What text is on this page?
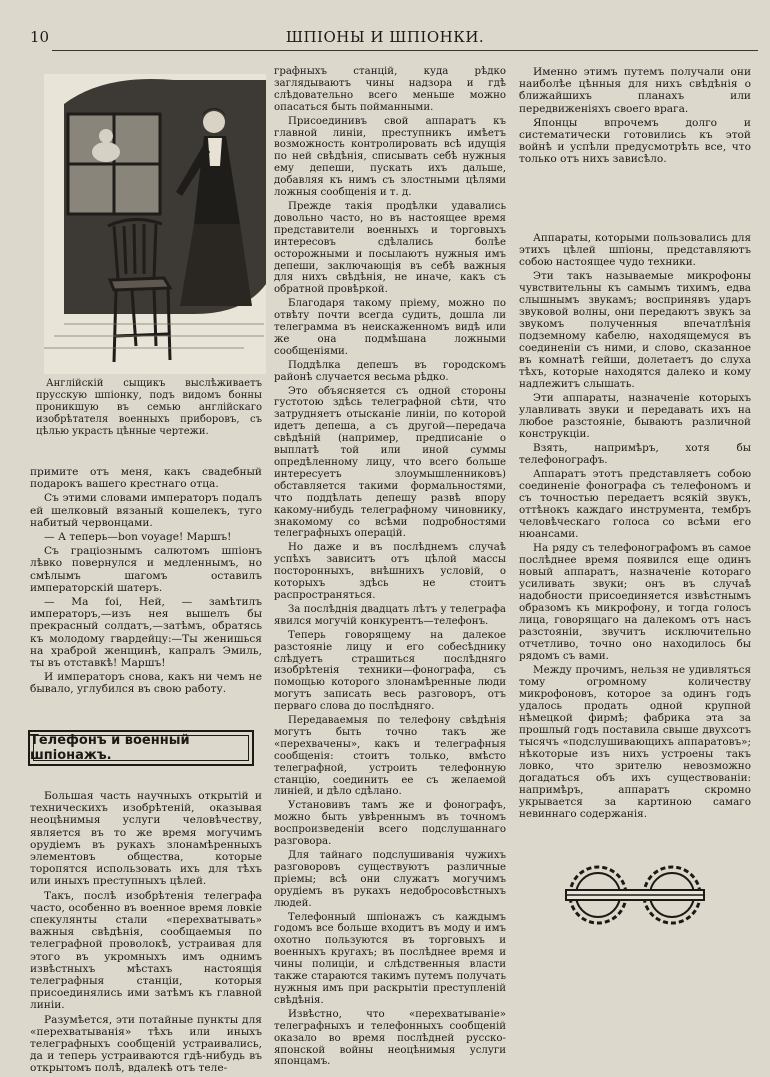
10	ШПIОНЫ И ШПIОНКИ.

Англійскій сыщикъ выслѣживаетъ прусскую шпіонку, подъ видомъ бонны проникшую въ семью англійскаго изобрѣтателя военныхъ приборовъ, съ цѣлью украсть цѣнные чертежи.

примите отъ меня, какъ свадебный подарокъ вашего крестнаго отца.

Съ этими словами императоръ подалъ ей шелковый вязаный кошелекъ, туго набитый червонцами.

— А теперь—bon voyage! Маршъ!

Съ граціознымъ салютомъ шпіонъ лѣвко повернулся и медленнымъ, но смѣлымъ шагомъ оставилъ императорскій шатеръ.

— Ma foi, Ней, — замѣтилъ императоръ,—изъ нея вышелъ бы прекрасный солдатъ,—затѣмъ, обратясь къ молодому гвардейцу:—Ты женишься на храброй женщинѣ, капралъ Эмиль, ты въ отставкѣ! Маршъ!

И императоръ снова, какъ ни чемъ не бывало, углубился въ свою работу.

Телефонъ и военный шпіонажъ.

Большая часть научныхъ открытій и техническихъ изобрѣтеній, оказывая неоцѣнимыя услуги человѣчеству, является въ то же время могучимъ орудіемъ въ рукахъ злонамѣренныхъ элементовъ общества, которые торопятся использовать ихъ для тѣхъ или иныхъ преступныхъ цѣлей.

Такъ, послѣ изобрѣтенія телеграфа часто, особенно въ военное время ловкіе спекулянты стали «перехватывать» важныя свѣдѣнія, сообщаемыя по телеграфной проволокѣ, устраивая для этого въ укромныхъ имъ однимъ извѣстныхъ мѣстахъ настоящія телеграфныя станціи, которыя присоединялись ими затѣмъ къ главной линіи.

Разумѣется, эти потайные пункты для «перехватыванія» тѣхъ или иныхъ телеграфныхъ сообщеній устраивались, да и теперь устраиваются гдѣ-нибудь въ открытомъ полѣ, вдалекѣ отъ теле-

графныхъ станцій, куда рѣдко заглядываютъ чины надзора и гдѣ слѣдовательно всего меньше можно опасаться быть пойманными.

Присоединивъ свой аппаратъ къ главной линіи, преступникъ имѣетъ возможность контролировать всѣ идущія по ней свѣдѣнія, списывать себѣ нужныя ему депеши, пускать ихъ дальше, добавляя къ нимъ съ злостными цѣлями ложныя сообщенія и т. д.

Прежде такія продѣлки удавались довольно часто, но въ настоящее время представители военныхъ и торговыхъ интересовъ сдѣлались болѣе осторожными и посылаютъ нужныя имъ депеши, заключающія въ себѣ важныя для нихъ свѣдѣнія, не иначе, какъ съ обратной провѣркой.

Благодаря такому пріему, можно по отвѣту почти всегда судить, дошла ли телеграмма въ неискаженномъ видѣ или же она подмѣшана ложными сообщеніями.

Поддѣлка депешъ въ городскомъ районѣ случается весьма рѣдко.

Это объясняется съ одной стороны густотою здѣсь телеграфной сѣти, что затрудняетъ отысканіе линіи, по которой идетъ депеша, а съ другой—передача свѣдѣній (например, предписаніе о выплатѣ той или иной суммы опредѣленному лицу, что всего больше интересуетъ злоумышленниковъ) обставляется такими формальностями, что поддѣлать депешу развѣ впору какому-нибудь телеграфному чиновнику, знакомому со всѣми подробностями телеграфныхъ операцій.

Но даже и въ послѣднемъ случаѣ успѣхъ зависитъ отъ цѣлой массы посторонныхъ, внѣшнихъ условій, о которыхъ здѣсь не стоитъ распространяться.

За послѣднія двадцать лѣтъ у телеграфа явился могучій конкурентъ—телефонъ.

Теперь говорящему на далекое разстояніе лицу и его собесѣднику слѣдуетъ страшиться послѣдняго изобрѣтенія техники—фонографа, съ помощью которого злонамѣренные люди могутъ записать весь разговоръ, отъ перваго слова до послѣдняго.

Передаваемыя по телефону свѣдѣнія могутъ быть точно такъ же «перехвачены», какъ и телеграфныя сообщенія: стоитъ только, вмѣсто телеграфной, устроить телефонную станцію, соединить ее съ желаемой линіей, и дѣло сдѣлано.

Установивъ тамъ же и фонографъ, можно быть увѣреннымъ въ точномъ воспроизведеніи всего подслушаннаго разговора.

Для тайнаго подслушиванія чужихъ разговоровъ существуютъ различные пріемы; всѣ они служатъ могучимъ орудіемъ въ рукахъ недобросовѣстныхъ людей.

Телефонный шпіонажъ съ каждымъ годомъ все больше входитъ въ моду и имъ охотно пользуются въ торговыхъ и военныхъ кругахъ; въ послѣднее время и чины полиціи, и слѣдственныя власти также стараются такимъ путемъ получать нужныя имъ при раскрытіи преступленій свѣдѣнія.

Извѣстно, что «перехватываніе» телеграфныхъ и телефонныхъ сообщеній оказало во время послѣдней русско-японской войны неоцѣнимыя услуги японцамъ.

Именно этимъ путемъ получали они наиболѣе цѣнныя для нихъ свѣдѣнія о ближайшихъ планахъ или передвиженіяхъ своего врага.

Японцы впрочемъ долго и систематически готовились къ этой войнѣ и успѣли предусмотрѣть все, что только отъ нихъ зависѣло.

Аппараты, которыми пользовались для этихъ цѣлей шпіоны, представляютъ собою настоящее чудо техники.

Эти такъ называемые микрофоны чувствительны къ самымъ тихимъ, едва слышнымъ звукамъ; воспринявъ ударъ звуковой волны, они передаютъ звукъ за звукомъ полученныя впечатлѣнія подземному кабелю, находящемуся въ соединеніи съ ними, и слово, сказанное въ комнатѣ гейши, долетаетъ до слуха тѣхъ, которые находятся далеко и кому надлежитъ слышать.

Эти аппараты, назначеніе которыхъ улавливать звуки и передавать ихъ на любое разстояніе, бываютъ различной конструкціи.

Взять, напримѣръ, хотя бы телефонографъ.

Аппаратъ этотъ представляетъ собою соединеніе фонографа съ телефономъ и съ точностью передаетъ всякій звукъ, оттѣнокъ каждаго инструмента, тембръ человѣческаго голоса со всѣми его нюансами.

На ряду съ телефонографомъ въ самое послѣднее время появился еще одинъ новый аппаратъ, назначеніе котораго усиливать звуки; онъ въ случаѣ надобности присоединяется извѣстнымъ образомъ къ микрофону, и тогда голосъ лица, говорящаго на далекомъ отъ насъ разстояніи, звучитъ исключительно отчетливо, точно оно находилось бы рядомъ съ вами.

Между прочимъ, нельзя не удивляться тому огромному количеству микрофоновъ, которое за одинъ годъ удалось продать одной крупной нѣмецкой фирмѣ; фабрика эта за прошлый годъ поставила свыше двухсотъ тысячъ «подслушивающихъ аппаратовъ»; нѣкоторые изъ нихъ устроены такъ ловко, что зрителю невозможно догадаться объ ихъ существованіи: напримѣръ, аппаратъ скромно укрывается за картиною самаго невиннаго содержанія.
